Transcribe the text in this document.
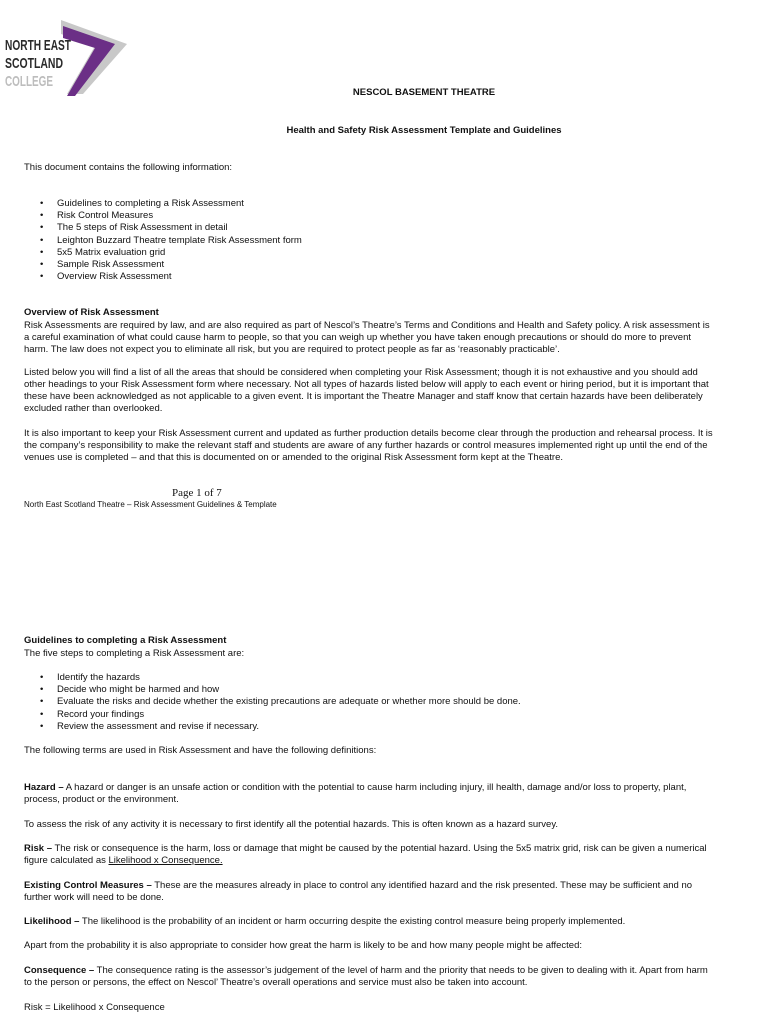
NORTH EAST
SCOTLAND
COLLEGE
NESCOL BASEMENT THEATRE
Health and Safety Risk Assessment Template and Guidelines
This document contains the following information:
• Guidelines to completing a Risk Assessment
• Risk Control Measures
• The 5 steps of Risk Assessment in detail
• Leighton Buzzard Theatre template Risk Assessment form
• 5x5 Matrix evaluation grid
• Sample Risk Assessment
• Overview Risk Assessment
Overview of Risk Assessment

Risk Assessments are required by law, and are also required as part of Nescol’s Theatre’s Terms and Conditions and Health and Safety policy. A risk assessment is a careful examination of what could cause harm to people, so that you can weigh up whether you have taken enough precautions or should do more to prevent harm. The law does not expect you to eliminate all risk, but you are required to protect people as far as ‘reasonably practicable’.

Listed below you will find a list of all the areas that should be considered when completing your Risk Assessment; though it is not exhaustive and you should add other headings to your Risk Assessment form where necessary. Not all types of hazards listed below will apply to each event or hiring period, but it is important that these have been acknowledged as not applicable to a given event. It is important the Theatre Manager and staff know that certain hazards have been deliberately excluded rather than overlooked.

It is also important to keep your Risk Assessment current and updated as further production details become clear through the production and rehearsal process. It is the company’s responsibility to make the relevant staff and students are aware of any further hazards or control measures implemented right up until the end of the venues use is completed – and that this is documented on or amended to the original Risk Assessment form kept at the Theatre.

Page 1 of 7
North East Scotland Theatre – Risk Assessment Guidelines & Template
Guidelines to completing a Risk Assessment
The five steps to completing a Risk Assessment are:
• Identify the hazards
• Decide who might be harmed and how
• Evaluate the risks and decide whether the existing precautions are adequate or whether more should be done.
• Record your findings
• Review the assessment and revise if necessary.
The following terms are used in Risk Assessment and have the following definitions:

Hazard – A hazard or danger is an unsafe action or condition with the potential to cause harm including injury, ill health, damage and/or loss to property, plant, process, product or the environment.

To assess the risk of any activity it is necessary to first identify all the potential hazards. This is often known as a hazard survey.

Risk – The risk or consequence is the harm, loss or damage that might be caused by the potential hazard. Using the 5x5 matrix grid, risk can be given a numerical figure calculated as Likelihood x Consequence.

Existing Control Measures – These are the measures already in place to control any identified hazard and the risk presented. These may be sufficient and no further work will need to be done.

Likelihood – The likelihood is the probability of an incident or harm occurring despite the existing control measure being properly implemented.

Apart from the probability it is also appropriate to consider how great the harm is likely to be and how many people might be affected:

Consequence – The consequence rating is the assessor’s judgement of the level of harm and the priority that needs to be given to dealing with it. Apart from harm to the person or persons, the effect on Nescol’ Theatre’s overall operations and service must also be taken into account.

Risk = Likelihood x Consequence
